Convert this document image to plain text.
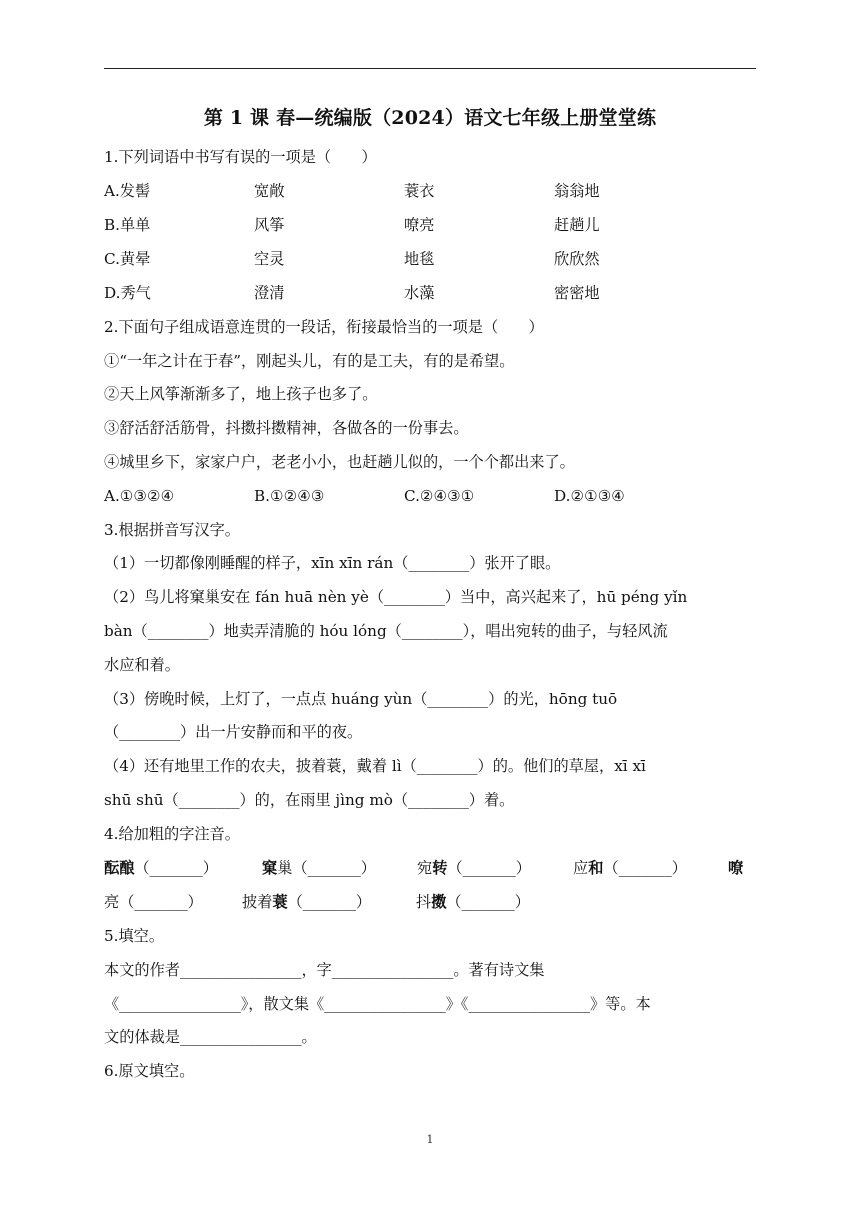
第 1 课 春—统编版（2024）语文七年级上册堂堂练
1.下列词语中书写有误的一项是（　　）
A.发髻	宽敞	蓑衣	翁翁地
B.单单	风筝	嘹亮	赶趟儿
C.黄晕	空灵	地毯	欣欣然
D.秀气	澄清	水藻	密密地
2.下面句子组成语意连贯的一段话，衔接最恰当的一项是（　　）
①“一年之计在于春”，刚起头儿，有的是工夫，有的是希望。
②天上风筝渐渐多了，地上孩子也多了。
③舒活舒活筋骨，抖擞抖擞精神，各做各的一份事去。
④城里乡下，家家户户，老老小小，也赶趟儿似的，一个个都出来了。
A.①③②④	B.①②④③	C.②④③①	D.②①③④
3.根据拼音写汉字。
（1）一切都像刚睡醒的样子，xīn xīn rán（________）张开了眼。
（2）鸟儿将窠巢安在 fán huā nèn yè（________）当中，高兴起来了，hū péng yǐn
bàn（________）地卖弄清脆的 hóu lóng（________），唱出宛转的曲子，与轻风流
水应和着。
（3）傍晚时候，上灯了，一点点 huáng yùn（________）的光，hōng tuō
（________）出一片安静而和平的夜。
（4）还有地里工作的农夫，披着蓑，戴着 lì（________）的。他们的草屋，xī xī
shū shū（________）的，在雨里 jìng mò（________）着。
4.给加粗的字注音。
酝酿（_______）	窠巢（_______）	宛转（_______）	应和（_______）	嘹
亮（_______）	披着蓑（_______）	抖擞（_______）
5.填空。
本文的作者________________，字________________。著有诗文集
《________________》，散文集《________________》《________________》等。本
文的体裁是________________。
6.原文填空。
1
